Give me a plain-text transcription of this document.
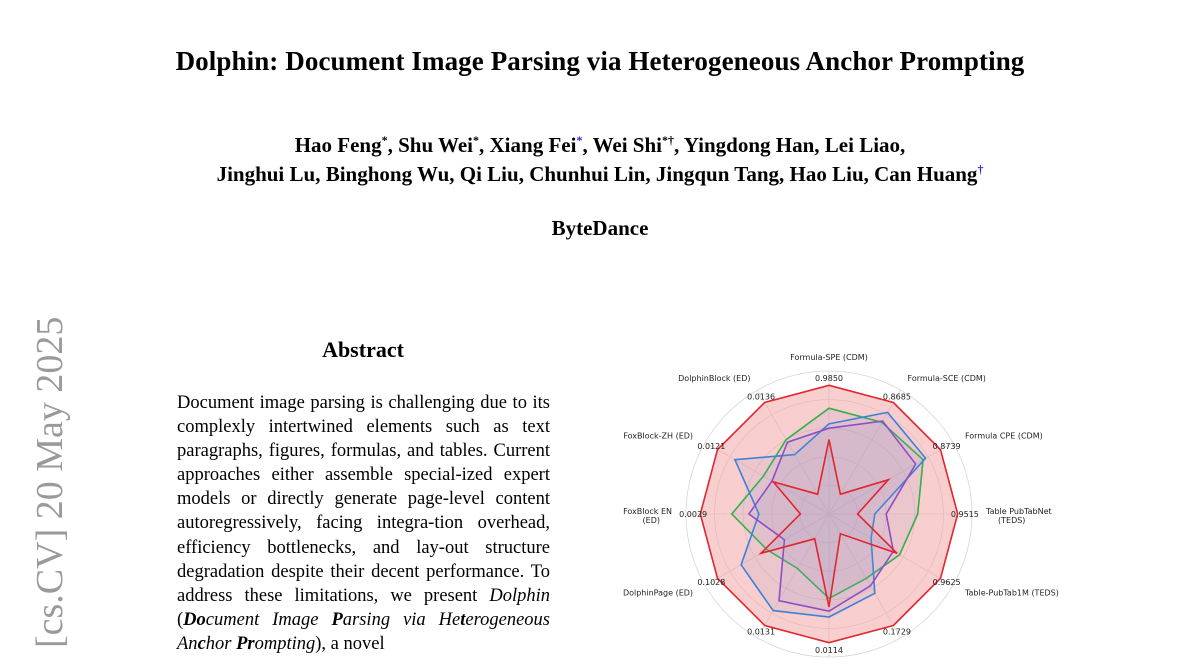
Dolphin: Document Image Parsing via Heterogeneous Anchor Prompting
Hao Feng*, Shu Wei*, Xiang Fei*, Wei Shi*†, Yingdong Han, Lei Liao,
Jinghui Lu, Binghong Wu, Qi Liu, Chunhui Lin, Jingqun Tang, Hao Liu, Can Huang†
ByteDance
[cs.CV] 20 May 2025	Abstract
Document image parsing is challenging due to its complexly intertwined elements such as text paragraphs, figures, formulas, and tables. Current approaches either assemble special-ized expert models or directly generate page-level content autoregressively, facing integra-tion overhead, efficiency bottlenecks, and lay-out structure degradation despite their decent performance. To address these limitations, we present Dolphin (Document Image Parsing via Heterogeneous Anchor Prompting), a novel
0.9850
0.8685
0.8739
0.9515
0.9625
0.1729
0.0114
0.0131
0.1028
0.0029
0.0121
0.0136
Formula-SPE (CDM)
Formula-SCE (CDM)
Formula CPE (CDM)
Table PubTabNet (TEDS)
Table-PubTab1M (TEDS)
DolphinPage (ED)
FoxBlock EN (ED)
FoxBlock-ZH (ED)
DolphinBlock (ED)
